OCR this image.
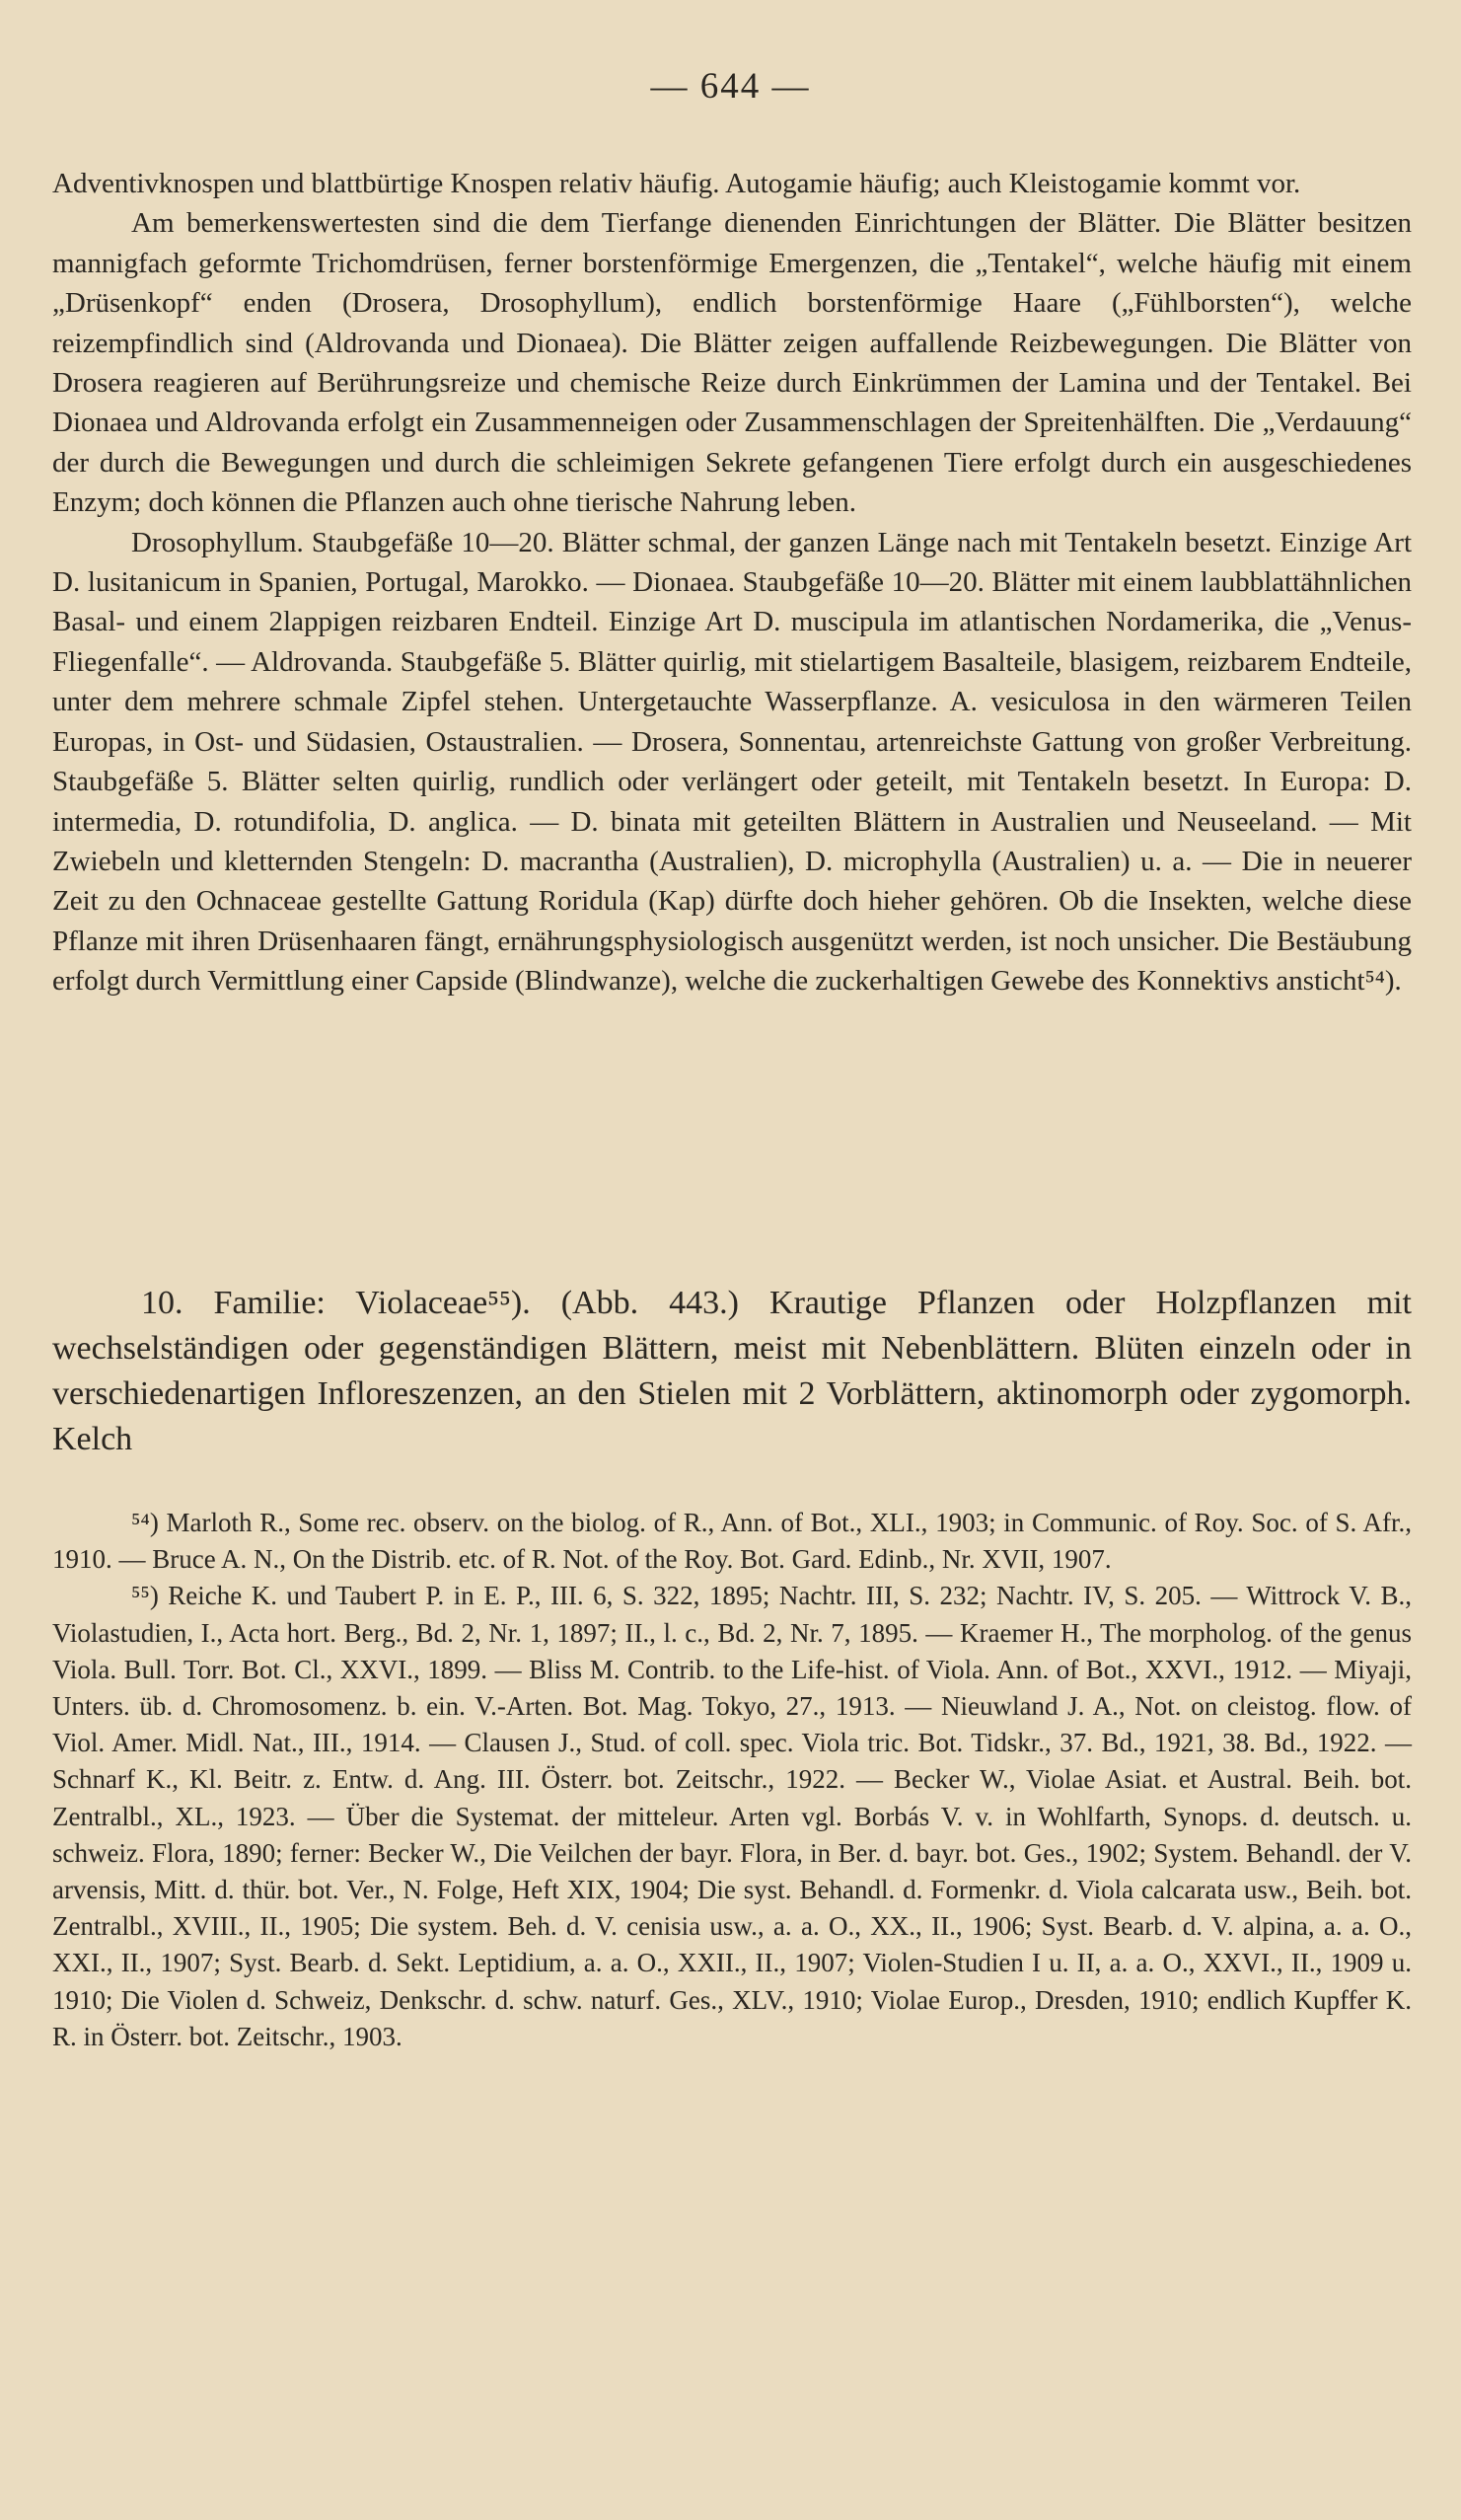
— 644 —

Adventivknospen und blattbürtige Knospen relativ häufig. Autogamie häufig; auch Kleistogamie kommt vor.

Am bemerkenswertesten sind die dem Tierfange dienenden Einrichtungen der Blätter. Die Blätter besitzen mannigfach geformte Trichomdrüsen, ferner borstenförmige Emergenzen, die „Tentakel“, welche häufig mit einem „Drüsenkopf“ enden (Drosera, Drosophyllum), endlich borstenförmige Haare („Fühlborsten“), welche reizempfindlich sind (Aldrovanda und Dionaea). Die Blätter zeigen auffallende Reizbewegungen. Die Blätter von Drosera reagieren auf Berührungsreize und chemische Reize durch Einkrümmen der Lamina und der Tentakel. Bei Dionaea und Aldrovanda erfolgt ein Zusammenneigen oder Zusammenschlagen der Spreitenhälften. Die „Verdauung“ der durch die Bewegungen und durch die schleimigen Sekrete gefangenen Tiere erfolgt durch ein ausgeschiedenes Enzym; doch können die Pflanzen auch ohne tierische Nahrung leben.

Drosophyllum. Staubgefäße 10—20. Blätter schmal, der ganzen Länge nach mit Tentakeln besetzt. Einzige Art D. lusitanicum in Spanien, Portugal, Marokko. — Dionaea. Staubgefäße 10—20. Blätter mit einem laubblattähnlichen Basal- und einem 2lappigen reizbaren Endteil. Einzige Art D. muscipula im atlantischen Nordamerika, die „Venus-Fliegenfalle“. — Aldrovanda. Staubgefäße 5. Blätter quirlig, mit stielartigem Basalteile, blasigem, reizbarem Endteile, unter dem mehrere schmale Zipfel stehen. Untergetauchte Wasserpflanze. A. vesiculosa in den wärmeren Teilen Europas, in Ost- und Südasien, Ostaustralien. — Drosera, Sonnentau, artenreichste Gattung von großer Verbreitung. Staubgefäße 5. Blätter selten quirlig, rundlich oder verlängert oder geteilt, mit Tentakeln besetzt. In Europa: D. intermedia, D. rotundifolia, D. anglica. — D. binata mit geteilten Blättern in Australien und Neuseeland. — Mit Zwiebeln und kletternden Stengeln: D. macrantha (Australien), D. microphylla (Australien) u. a. — Die in neuerer Zeit zu den Ochnaceae gestellte Gattung Roridula (Kap) dürfte doch hieher gehören. Ob die Insekten, welche diese Pflanze mit ihren Drüsenhaaren fängt, ernährungsphysiologisch ausgenützt werden, ist noch unsicher. Die Bestäubung erfolgt durch Vermittlung einer Capside (Blindwanze), welche die zuckerhaltigen Gewebe des Konnektivs ansticht⁵⁴).

10. Familie: Violaceae⁵⁵). (Abb. 443.) Krautige Pflanzen oder Holzpflanzen mit wechselständigen oder gegenständigen Blättern, meist mit Nebenblättern. Blüten einzeln oder in verschiedenartigen Infloreszenzen, an den Stielen mit 2 Vorblättern, aktinomorph oder zygomorph. Kelch

⁵⁴) Marloth R., Some rec. observ. on the biolog. of R., Ann. of Bot., XLI., 1903; in Communic. of Roy. Soc. of S. Afr., 1910. — Bruce A. N., On the Distrib. etc. of R. Not. of the Roy. Bot. Gard. Edinb., Nr. XVII, 1907.

⁵⁵) Reiche K. und Taubert P. in E. P., III. 6, S. 322, 1895; Nachtr. III, S. 232; Nachtr. IV, S. 205. — Wittrock V. B., Violastudien, I., Acta hort. Berg., Bd. 2, Nr. 1, 1897; II., l. c., Bd. 2, Nr. 7, 1895. — Kraemer H., The morpholog. of the genus Viola. Bull. Torr. Bot. Cl., XXVI., 1899. — Bliss M. Contrib. to the Life-hist. of Viola. Ann. of Bot., XXVI., 1912. — Miyaji, Unters. üb. d. Chromosomenz. b. ein. V.-Arten. Bot. Mag. Tokyo, 27., 1913. — Nieuwland J. A., Not. on cleistog. flow. of Viol. Amer. Midl. Nat., III., 1914. — Clausen J., Stud. of coll. spec. Viola tric. Bot. Tidskr., 37. Bd., 1921, 38. Bd., 1922. — Schnarf K., Kl. Beitr. z. Entw. d. Ang. III. Österr. bot. Zeitschr., 1922. — Becker W., Violae Asiat. et Austral. Beih. bot. Zentralbl., XL., 1923. — Über die Systemat. der mitteleur. Arten vgl. Borbás V. v. in Wohlfarth, Synops. d. deutsch. u. schweiz. Flora, 1890; ferner: Becker W., Die Veilchen der bayr. Flora, in Ber. d. bayr. bot. Ges., 1902; System. Behandl. der V. arvensis, Mitt. d. thür. bot. Ver., N. Folge, Heft XIX, 1904; Die syst. Behandl. d. Formenkr. d. Viola calcarata usw., Beih. bot. Zentralbl., XVIII., II., 1905; Die system. Beh. d. V. cenisia usw., a. a. O., XX., II., 1906; Syst. Bearb. d. V. alpina, a. a. O., XXI., II., 1907; Syst. Bearb. d. Sekt. Leptidium, a. a. O., XXII., II., 1907; Violen-Studien I u. II, a. a. O., XXVI., II., 1909 u. 1910; Die Violen d. Schweiz, Denkschr. d. schw. naturf. Ges., XLV., 1910; Violae Europ., Dresden, 1910; endlich Kupffer K. R. in Österr. bot. Zeitschr., 1903.
